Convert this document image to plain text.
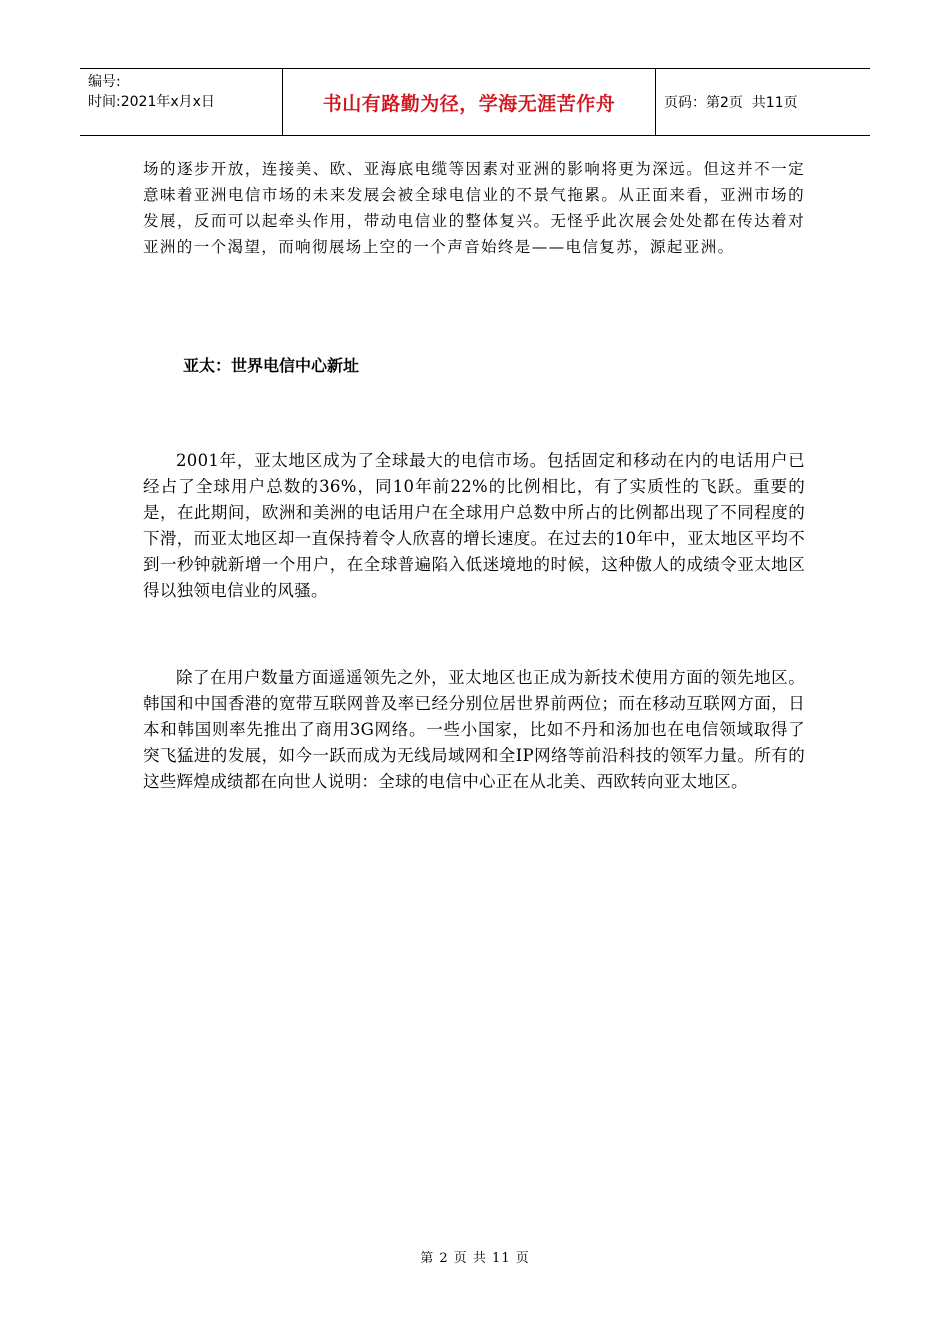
编号:
时间:2021年x月x日	书山有路勤为径，学海无涯苦作舟	页码：第2页  共11页

场的逐步开放，连接美、欧、亚海底电缆等因素对亚洲的影响将更为深远。但这并不一定意味着亚洲电信市场的未来发展会被全球电信业的不景气拖累。从正面来看，亚洲市场的发展，反而可以起牵头作用，带动电信业的整体复兴。无怪乎此次展会处处都在传达着对亚洲的一个渴望，而响彻展场上空的一个声音始终是——电信复苏，源起亚洲。

亚太：世界电信中心新址

2001年，亚太地区成为了全球最大的电信市场。包括固定和移动在内的电话用户已经占了全球用户总数的36%，同10年前22%的比例相比，有了实质性的飞跃。重要的是，在此期间，欧洲和美洲的电话用户在全球用户总数中所占的比例都出现了不同程度的下滑，而亚太地区却一直保持着令人欣喜的增长速度。在过去的10年中，亚太地区平均不到一秒钟就新增一个用户，在全球普遍陷入低迷境地的时候，这种傲人的成绩令亚太地区得以独领电信业的风骚。

除了在用户数量方面遥遥领先之外，亚太地区也正成为新技术使用方面的领先地区。韩国和中国香港的宽带互联网普及率已经分别位居世界前两位；而在移动互联网方面，日本和韩国则率先推出了商用3G网络。一些小国家，比如不丹和汤加也在电信领域取得了突飞猛进的发展，如今一跃而成为无线局域网和全IP网络等前沿科技的领军力量。所有的这些辉煌成绩都在向世人说明：全球的电信中心正在从北美、西欧转向亚太地区。

第 2 页 共 11 页
